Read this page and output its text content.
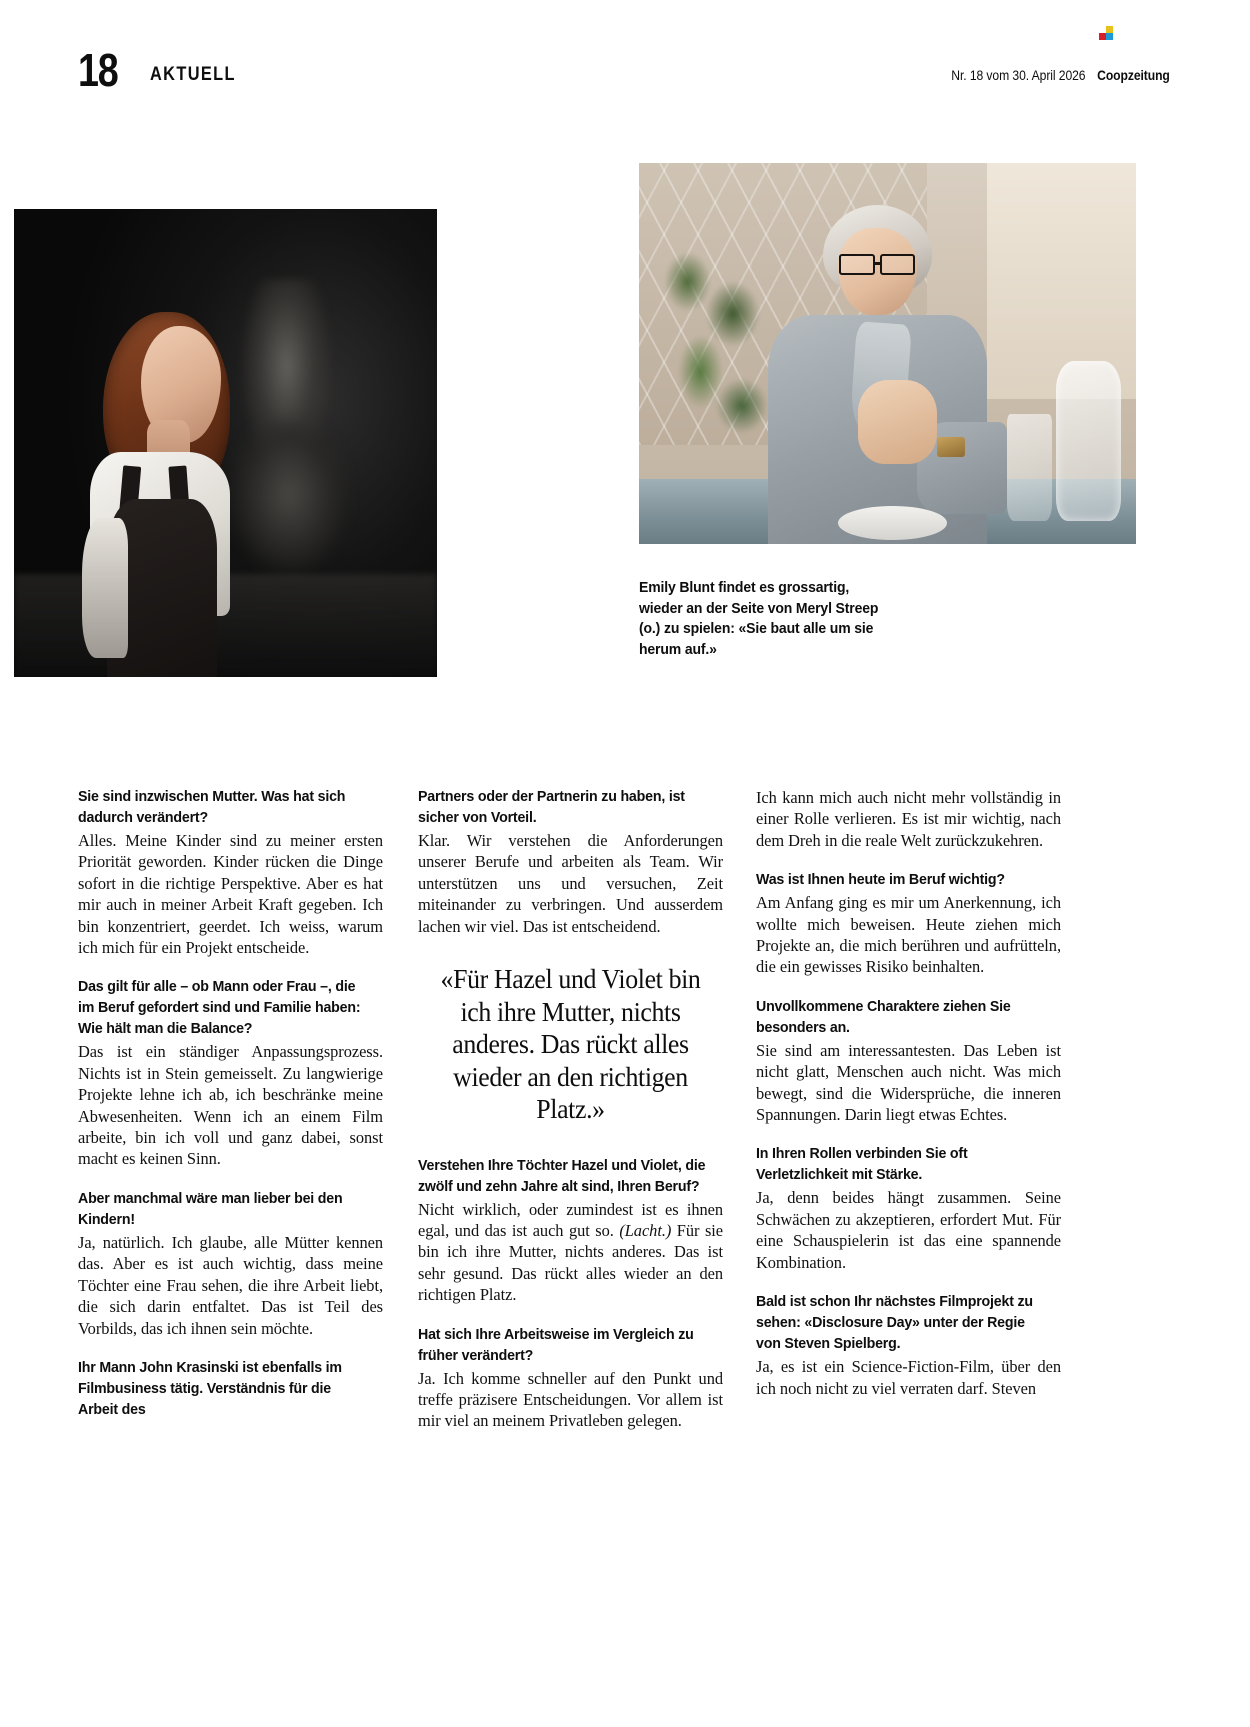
18 AKTUELL	Nr. 18 vom 30. April 2026 Coopzeitung
Emily Blunt findet es grossartig, wieder an der Seite von Meryl Streep (o.) zu spielen: «Sie baut alle um sie herum auf.»

Sie sind inzwischen Mutter. Was hat sich dadurch verändert?

Alles. Meine Kinder sind zu meiner ersten Priorität geworden. Kinder rücken die Dinge sofort in die richtige Perspektive. Aber es hat mir auch in meiner Arbeit Kraft gegeben. Ich bin konzentriert, geerdet. Ich weiss, warum ich mich für ein Projekt entscheide.

Das gilt für alle – ob Mann oder Frau –, die im Beruf gefordert sind und Familie haben: Wie hält man die Balance?

Das ist ein ständiger Anpassungsprozess. Nichts ist in Stein gemeisselt. Zu langwierige Projekte lehne ich ab, ich beschränke meine Abwesenheiten. Wenn ich an einem Film arbeite, bin ich voll und ganz dabei, sonst macht es keinen Sinn.

Aber manchmal wäre man lieber bei den Kindern!

Ja, natürlich. Ich glaube, alle Mütter kennen das. Aber es ist auch wichtig, dass meine Töchter eine Frau sehen, die ihre Arbeit liebt, die sich darin entfaltet. Das ist Teil des Vorbilds, das ich ihnen sein möchte.

Ihr Mann John Krasinski ist ebenfalls im Filmbusiness tätig. Verständnis für die Arbeit des

Partners oder der Partnerin zu haben, ist sicher von Vorteil.

Klar. Wir verstehen die Anforderungen unserer Berufe und arbeiten als Team. Wir unterstützen uns und versuchen, Zeit miteinander zu verbringen. Und ausserdem lachen wir viel. Das ist entscheidend.

«Für Hazel und Violet bin ich ihre Mutter, nichts anderes. Das rückt alles wieder an den richtigen Platz.»

Verstehen Ihre Töchter Hazel und Violet, die zwölf und zehn Jahre alt sind, Ihren Beruf?

Nicht wirklich, oder zumindest ist es ihnen egal, und das ist auch gut so. (Lacht.) Für sie bin ich ihre Mutter, nichts anderes. Das ist sehr gesund. Das rückt alles wieder an den richtigen Platz.

Hat sich Ihre Arbeitsweise im Vergleich zu früher verändert?

Ja. Ich komme schneller auf den Punkt und treffe präzisere Entscheidungen. Vor allem ist mir viel an meinem Privatleben gelegen.

Ich kann mich auch nicht mehr vollständig in einer Rolle verlieren. Es ist mir wichtig, nach dem Dreh in die reale Welt zurückzukehren.

Was ist Ihnen heute im Beruf wichtig?

Am Anfang ging es mir um Anerkennung, ich wollte mich beweisen. Heute ziehen mich Projekte an, die mich berühren und aufrütteln, die ein gewisses Risiko beinhalten.

Unvollkommene Charaktere ziehen Sie besonders an.

Sie sind am interessantesten. Das Leben ist nicht glatt, Menschen auch nicht. Was mich bewegt, sind die Widersprüche, die inneren Spannungen. Darin liegt etwas Echtes.

In Ihren Rollen verbinden Sie oft Verletzlichkeit mit Stärke.

Ja, denn beides hängt zusammen. Seine Schwächen zu akzeptieren, erfordert Mut. Für eine Schauspielerin ist das eine spannende Kombination.

Bald ist schon Ihr nächstes Filmprojekt zu sehen: «Disclosure Day» unter der Regie von Steven Spielberg.

Ja, es ist ein Science-Fiction-Film, über den ich noch nicht zu viel verraten darf. Steven
